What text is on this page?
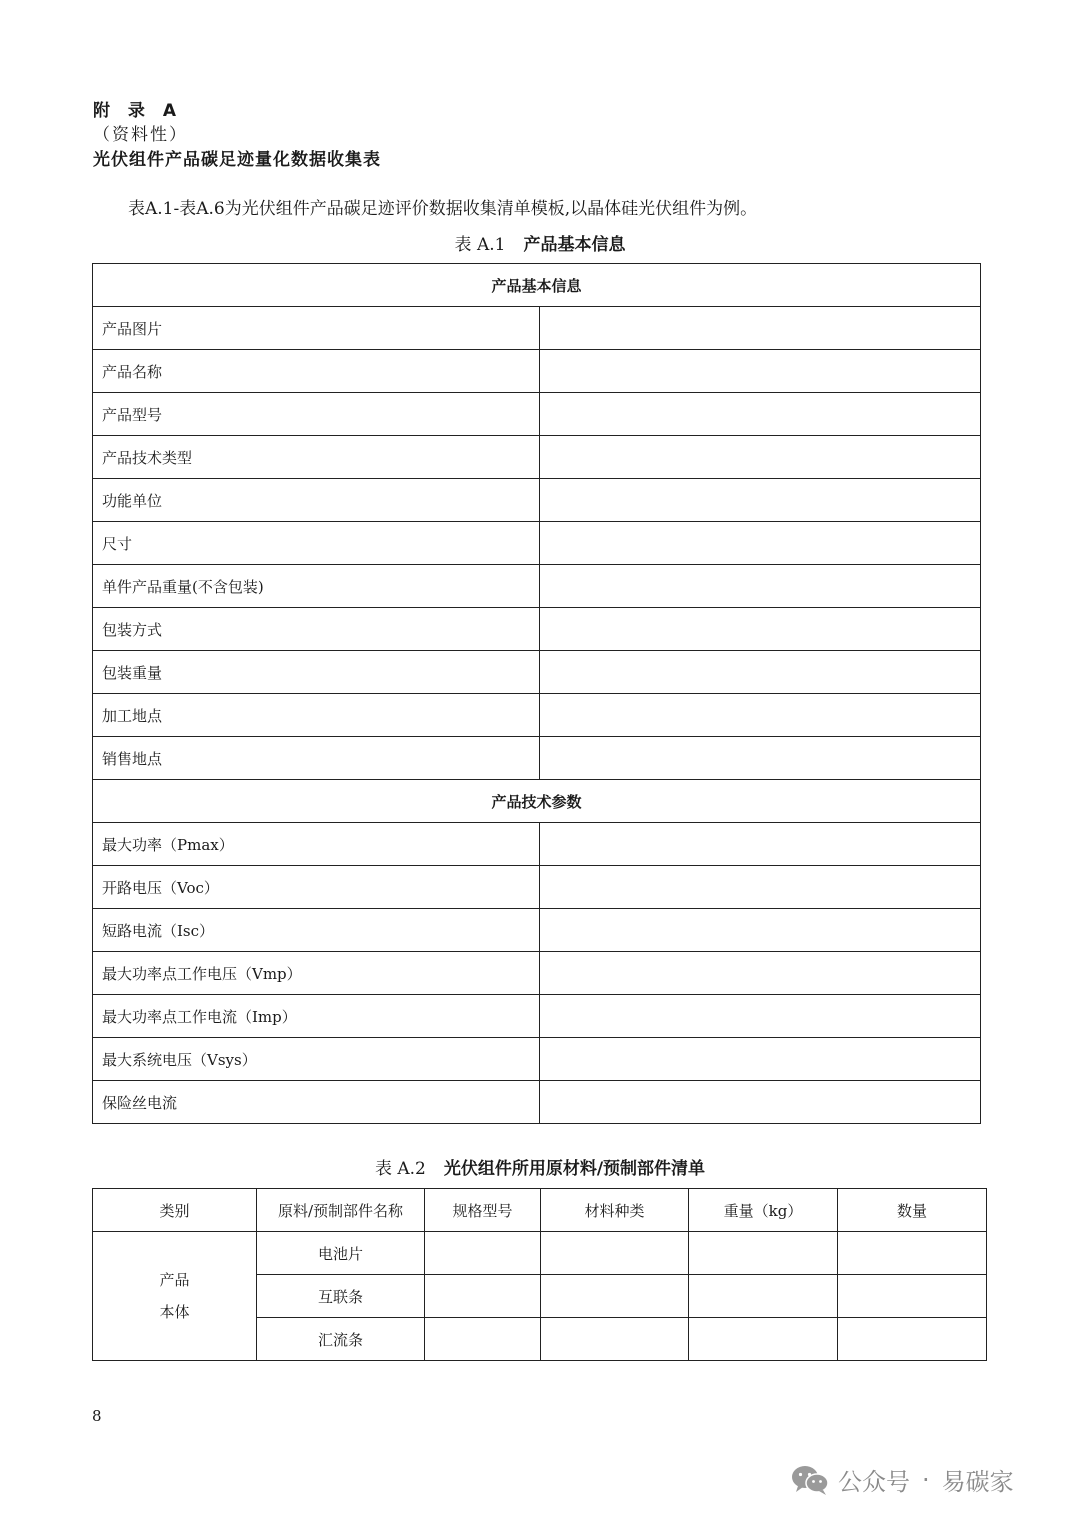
附 录 A
（资料性）
光伏组件产品碳足迹量化数据收集表
表A.1-表A.6为光伏组件产品碳足迹评价数据收集清单模板,以晶体硅光伏组件为例。
表 A.1 产品基本信息
产品基本信息	
产品图片	
产品名称	
产品型号	
产品技术类型	
功能单位	
尺寸	
单件产品重量(不含包装)	
包装方式	
包装重量	
加工地点	
销售地点	
产品技术参数	
最大功率（Pmax）	
开路电压（Voc）	
短路电流（Isc）	
最大功率点工作电压（Vmp）	
最大功率点工作电流（Imp）	
最大系统电压（Vsys）	
保险丝电流	
表 A.2 光伏组件所用原材料/预制部件清单
类别	原料/预制部件名称	规格型号	材料种类	重量（kg）	数量

产品
本体	电池片				
	互联条				
	汇流条				
8
公众号 · 易碳家
